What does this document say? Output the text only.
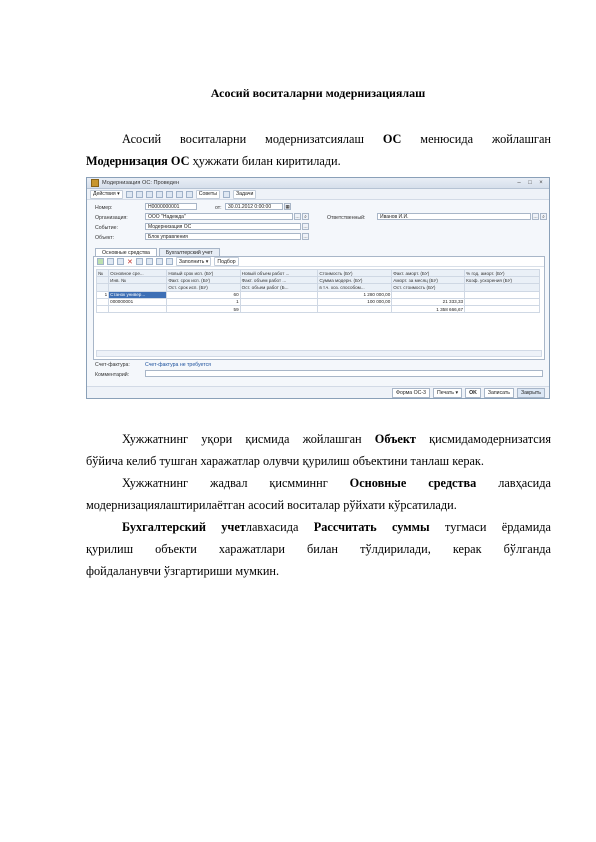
Асосий воситаларни модернизациялаш
Асосий воситаларни модернизатсиялаш ОС менюсида жойлашган
Модернизация ОС ҳужжати билан киритилади.
Модернизация ОС: Проведен	–	□	×
Действия ▾	Советы	Задачи
Номер:	Н0000000001	от:	30.01.2012 0:00:00	▦
Организация:	ООО "Надежда"	… ⌕	Ответственный:	Иванов И.И.	… ⌕
Событие:	Модернизация ОС	…
Объект:	Блок управления	…
Основные средства	Бухгалтерский учет
✕	Заполнить ▾	Подбор
№	Основное сре...	Новый срок исп. (БУ)	Новый объем работ ...	Стоимость (БУ)	Факт. аморт. (БУ)	% год. аморт. (БУ)
	Инв. №	Факт. срок исп. (БУ)	Факт. объем работ ...	Сумма модерн. (БУ)	Аморт. за месяц (БУ)	Коэф. ускорения (БУ)
		Ост. срок исп. (БУ)	Ост. объем работ (Б...	в т.ч. хоз. способом...	Ост. стоимость (БУ)	
1	Станок универ...	60		1 280 000,00		
	000000001	1		100 000,00	21 333,33	
		59			1 358 666,67	
Счет-фактура:	Счет-фактура не требуется
Комментарий:
Форма ОС-3	Печать ▾	OK	Записать	Закрыть
Хужжатнинг уқори қисмида жойлашган Объект қисмидамодернизатсия
бўйича келиб тушган харажатлар олувчи қурилиш объектини танлаш керак.
Хужжатнинг жадвал қисмминнг Основные средства лавҳасида
модернизациялаштирилаётган асосий воситалар рўйхати кўрсатилади.
Бухгалтерский учетлавхасида Рассчитать суммы тугмаси ёрдамида
қурилиш объекти харажатлари билан тўлдирилади, керак бўлганда
фойдаланувчи ўзгартириши мумкин.
